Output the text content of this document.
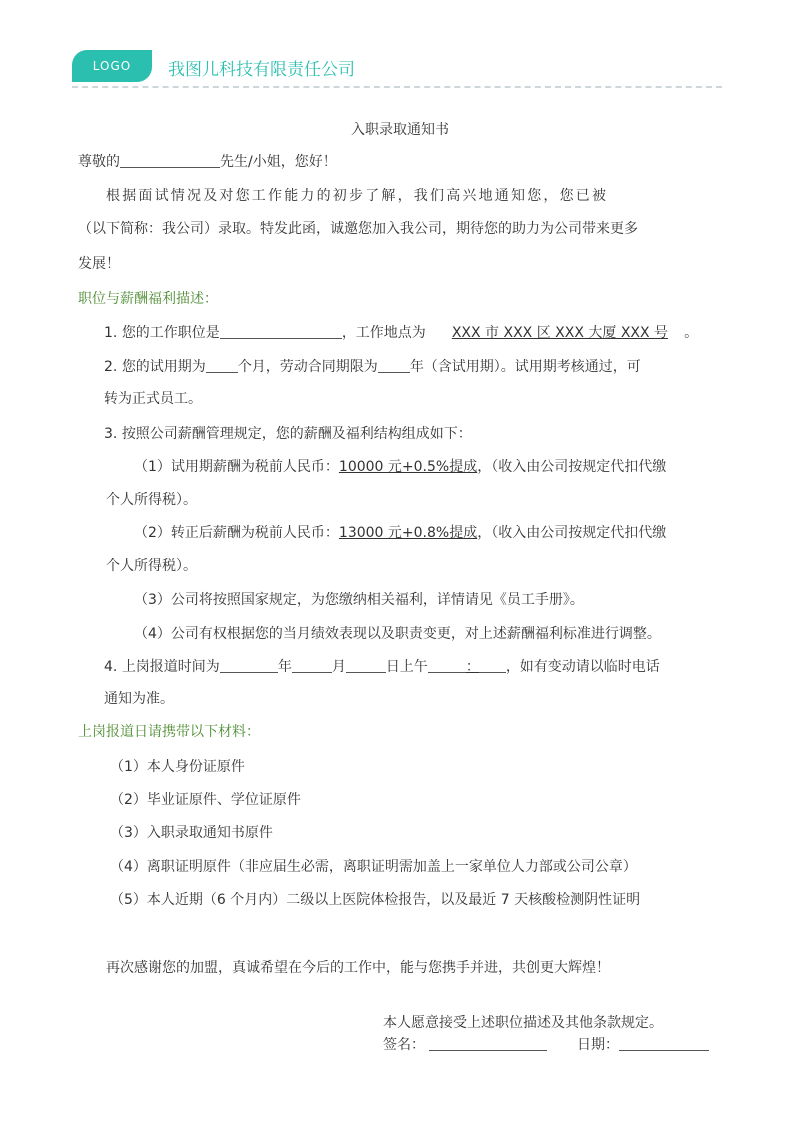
LOGO	我图儿科技有限责任公司
入职录取通知书
尊敬的	先生/小姐，您好！
根据面试情况及对您工作能力的初步了解，我们高兴地通知您，您已被
（以下简称：我公司）录取。特发此函，诚邀您加入我公司，期待您的助力为公司带来更多
发展！
职位与薪酬福利描述：
1. 您的工作职位是	，工作地点为 XXX 市 XXX 区 XXX 大厦 XXX 号 。
2. 您的试用期为 个月，劳动合同期限为 年（含试用期）。试用期考核通过，可
转为正式员工。
3. 按照公司薪酬管理规定，您的薪酬及福利结构组成如下：
（1）试用期薪酬为税前人民币：10000 元+0.5%提成，（收入由公司按规定代扣代缴
个人所得税）。
（2）转正后薪酬为税前人民币：13000 元+0.8%提成，（收入由公司按规定代扣代缴
个人所得税）。
（3）公司将按照国家规定，为您缴纳相关福利，详情请见《员工手册》。
（4）公司有权根据您的当月绩效表现以及职责变更，对上述薪酬福利标准进行调整。
4. 上岗报道时间为	年	月	日上午	： ，如有变动请以临时电话
通知为准。
上岗报道日请携带以下材料：
（1）本人身份证原件
（2）毕业证原件、学位证原件
（3）入职录取通知书原件
（4）离职证明原件（非应届生必需，离职证明需加盖上一家单位人力部或公司公章）
（5）本人近期（6 个月内）二级以上医院体检报告，以及最近 7 天核酸检测阴性证明
再次感谢您的加盟，真诚希望在今后的工作中，能与您携手并进，共创更大辉煌！
本人愿意接受上述职位描述及其他条款规定。
签名：	日期：
